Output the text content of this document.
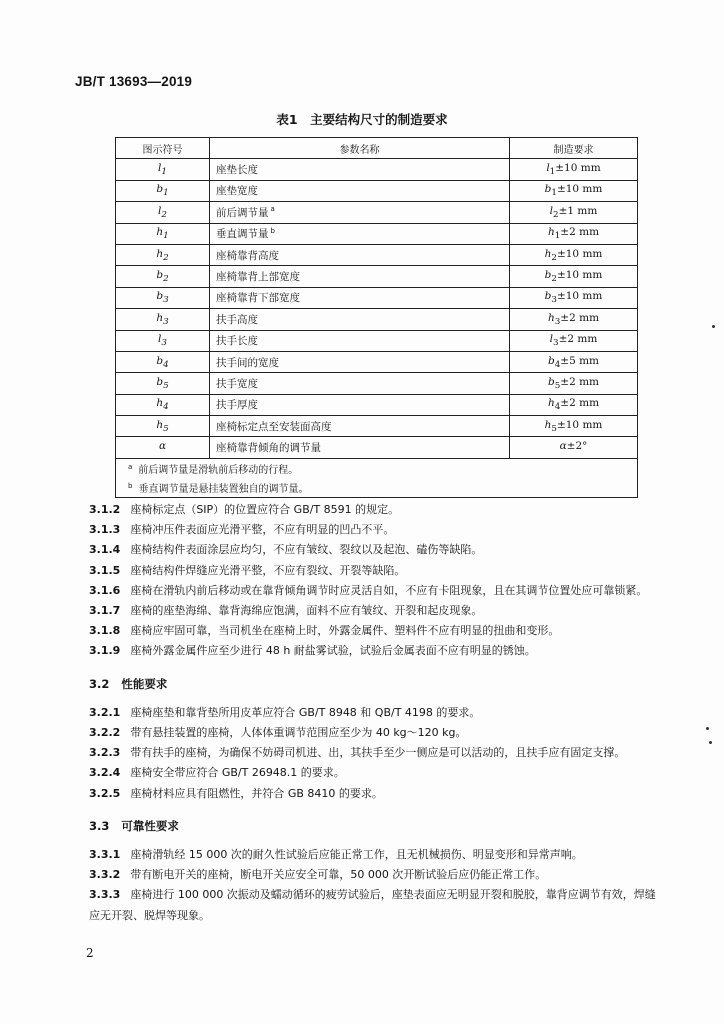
JB/T 13693—2019
表1　主要结构尺寸的制造要求
图示符号	参数名称	制造要求
$l_1$	座垫长度	$l_1\pm 10$ mm
$b_1$	座垫宽度	$b_1\pm 10$ mm
$l_2$	前后调节量 $^a$	$l_2\pm 1$ mm
$h_1$	垂直调节量 $^b$	$h_1\pm 2$ mm
$h_2$	座椅靠背高度	$h_2\pm 10$ mm
$b_2$	座椅靠背上部宽度	$b_2\pm 10$ mm
$b_3$	座椅靠背下部宽度	$b_3\pm 10$ mm
$h_3$	扶手高度	$h_3\pm 2$ mm
$l_3$	扶手长度	$l_3\pm 2$ mm
$b_4$	扶手间的宽度	$b_4\pm 5$ mm
$b_5$	扶手宽度	$b_5\pm 2$ mm
$h_4$	扶手厚度	$h_4\pm 2$ mm
$h_5$	座椅标定点至安装面高度	$h_5\pm 10$ mm
α	座椅靠背倾角的调节量	α±2°
$^a$ 前后调节量是滑轨前后移动的行程。		
$^b$ 垂直调节量是悬挂装置独自的调节量。		

3.1.2 座椅标定点（SIP）的位置应符合 GB/T 8591 的规定。

3.1.3 座椅冲压件表面应光滑平整，不应有明显的凹凸不平。

3.1.4 座椅结构件表面涂层应均匀，不应有皱纹、裂纹以及起泡、磕伤等缺陷。

3.1.5 座椅结构件焊缝应光滑平整，不应有裂纹、开裂等缺陷。

3.1.6 座椅在滑轨内前后移动或在靠背倾角调节时应灵活自如，不应有卡阻现象，且在其调节位置处应可靠锁紧。

3.1.7 座椅的座垫海绵、靠背海绵应饱满，面料不应有皱纹、开裂和起皮现象。

3.1.8 座椅应牢固可靠，当司机坐在座椅上时，外露金属件、塑料件不应有明显的扭曲和变形。

3.1.9 座椅外露金属件应至少进行 48 h 耐盐雾试验，试验后金属表面不应有明显的锈蚀。

3.2 性能要求

3.2.1 座椅座垫和靠背垫所用皮革应符合 GB/T 8948 和 QB/T 4198 的要求。

3.2.2 带有悬挂装置的座椅，人体体重调节范围应至少为 40 kg～120 kg。

3.2.3 带有扶手的座椅，为确保不妨碍司机进、出，其扶手至少一侧应是可以活动的，且扶手应有固定支撑。

3.2.4 座椅安全带应符合 GB/T 26948.1 的要求。

3.2.5 座椅材料应具有阻燃性，并符合 GB 8410 的要求。

3.3 可靠性要求

3.3.1 座椅滑轨经 15 000 次的耐久性试验后应能正常工作，且无机械损伤、明显变形和异常声响。

3.3.2 带有断电开关的座椅，断电开关应安全可靠，50 000 次开断试验后应仍能正常工作。

3.3.3 座椅进行 100 000 次振动及蠕动循环的疲劳试验后，座垫表面应无明显开裂和脱胶，靠背应调节有效，焊缝应无开裂、脱焊等现象。

2
